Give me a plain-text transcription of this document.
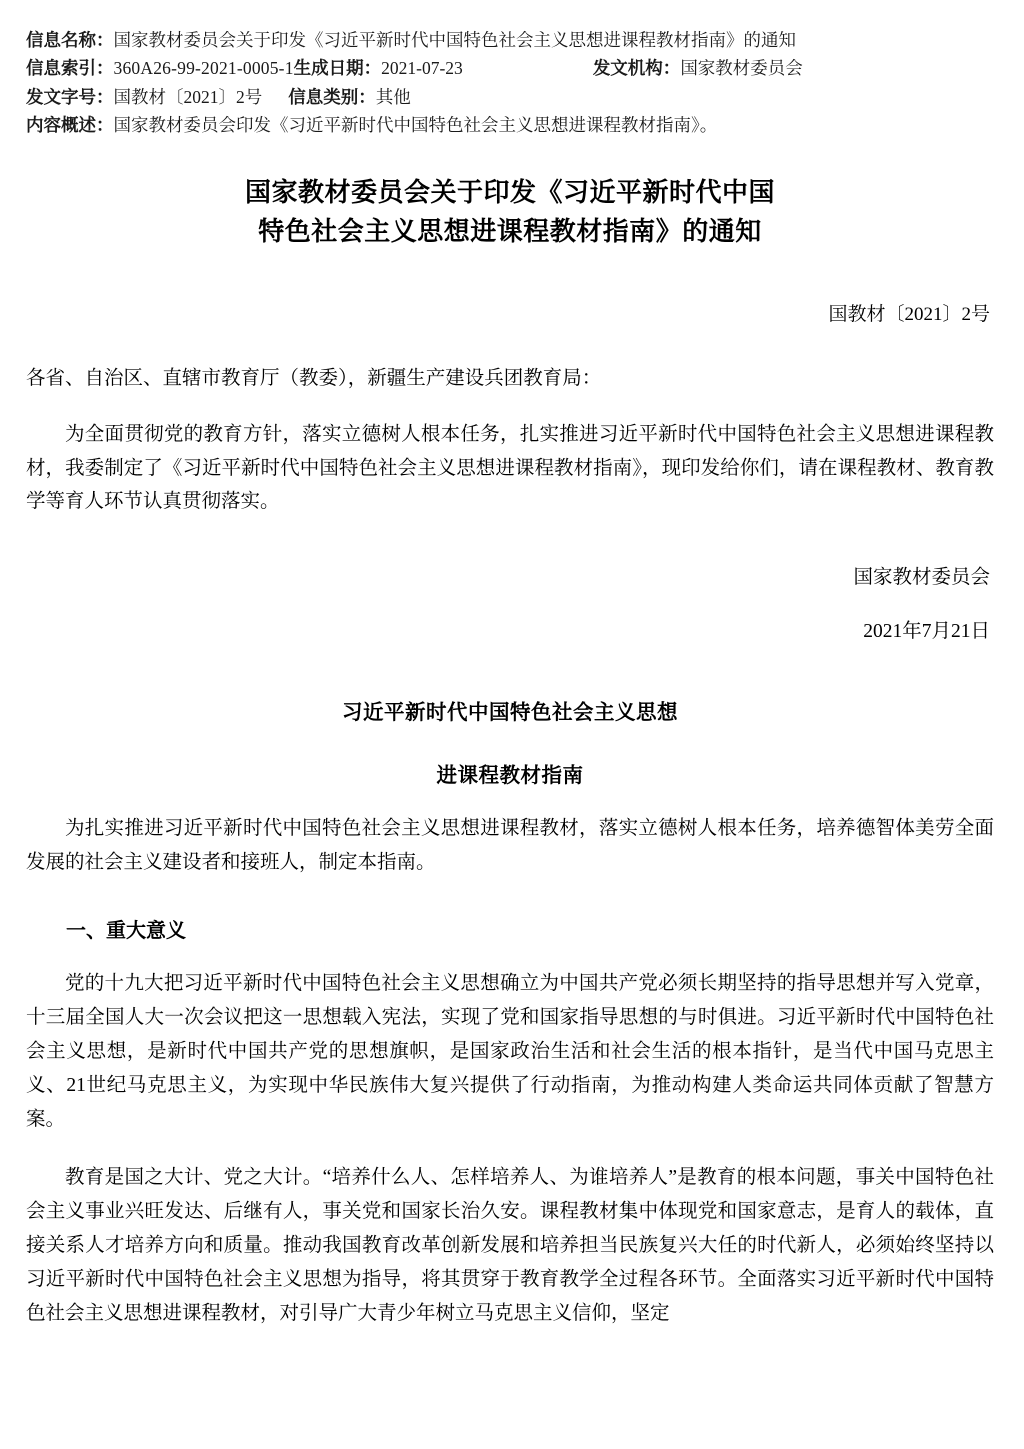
信息名称： 国家教材委员会关于印发《习近平新时代中国特色社会主义思想进课程教材指南》的通知
信息索引： 360A26-99-2021-0005-1 生成日期： 2021-07-23	发文机构： 国家教材委员会
发文字号： 国教材〔2021〕2号 信息类别： 其他
内容概述： 国家教材委员会印发《习近平新时代中国特色社会主义思想进课程教材指南》。
国家教材委员会关于印发《习近平新时代中国
特色社会主义思想进课程教材指南》的通知
国教材〔2021〕2号
各省、自治区、直辖市教育厅（教委），新疆生产建设兵团教育局：

为全面贯彻党的教育方针，落实立德树人根本任务，扎实推进习近平新时代中国特色社会主义思想进课程教材，我委制定了《习近平新时代中国特色社会主义思想进课程教材指南》，现印发给你们，请在课程教材、教育教学等育人环节认真贯彻落实。

国家教材委员会
2021年7月21日
习近平新时代中国特色社会主义思想
进课程教材指南

为扎实推进习近平新时代中国特色社会主义思想进课程教材，落实立德树人根本任务，培养德智体美劳全面发展的社会主义建设者和接班人，制定本指南。

一、重大意义

党的十九大把习近平新时代中国特色社会主义思想确立为中国共产党必须长期坚持的指导思想并写入党章，十三届全国人大一次会议把这一思想载入宪法，实现了党和国家指导思想的与时俱进。习近平新时代中国特色社会主义思想，是新时代中国共产党的思想旗帜，是国家政治生活和社会生活的根本指针，是当代中国马克思主义、21世纪马克思主义，为实现中华民族伟大复兴提供了行动指南，为推动构建人类命运共同体贡献了智慧方案。

教育是国之大计、党之大计。“培养什么人、怎样培养人、为谁培养人”是教育的根本问题，事关中国特色社会主义事业兴旺发达、后继有人，事关党和国家长治久安。课程教材集中体现党和国家意志，是育人的载体，直接关系人才培养方向和质量。推动我国教育改革创新发展和培养担当民族复兴大任的时代新人，必须始终坚持以习近平新时代中国特色社会主义思想为指导，将其贯穿于教育教学全过程各环节。全面落实习近平新时代中国特色社会主义思想进课程教材，对引导广大青少年树立马克思主义信仰，坚定
